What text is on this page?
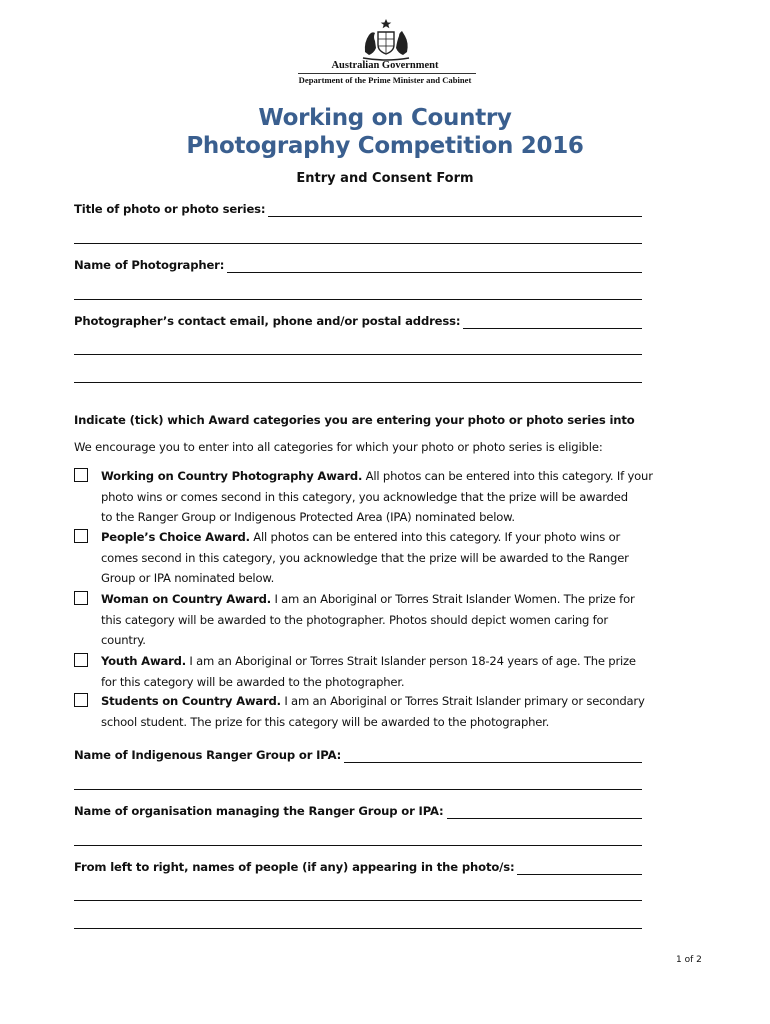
Australian Government
Department of the Prime Minister and Cabinet
Working on Country
Photography Competition 2016
Entry and Consent Form
Title of photo or photo series:
Name of Photographer:
Photographer’s contact email, phone and/or postal address:
Indicate (tick) which Award categories you are entering your photo or photo series into
We encourage you to enter into all categories for which your photo or photo series is eligible:
Working on Country Photography Award. All photos can be entered into this category. If your
photo wins or comes second in this category, you acknowledge that the prize will be awarded
to the Ranger Group or Indigenous Protected Area (IPA) nominated below.
People’s Choice Award. All photos can be entered into this category. If your photo wins or
comes second in this category, you acknowledge that the prize will be awarded to the Ranger
Group or IPA nominated below.
Woman on Country Award. I am an Aboriginal or Torres Strait Islander Women. The prize for
this category will be awarded to the photographer. Photos should depict women caring for
country.
Youth Award. I am an Aboriginal or Torres Strait Islander person 18-24 years of age. The prize
for this category will be awarded to the photographer.
Students on Country Award. I am an Aboriginal or Torres Strait Islander primary or secondary
school student. The prize for this category will be awarded to the photographer.
Name of Indigenous Ranger Group or IPA:
Name of organisation managing the Ranger Group or IPA:
From left to right, names of people (if any) appearing in the photo/s:
1 of 2
